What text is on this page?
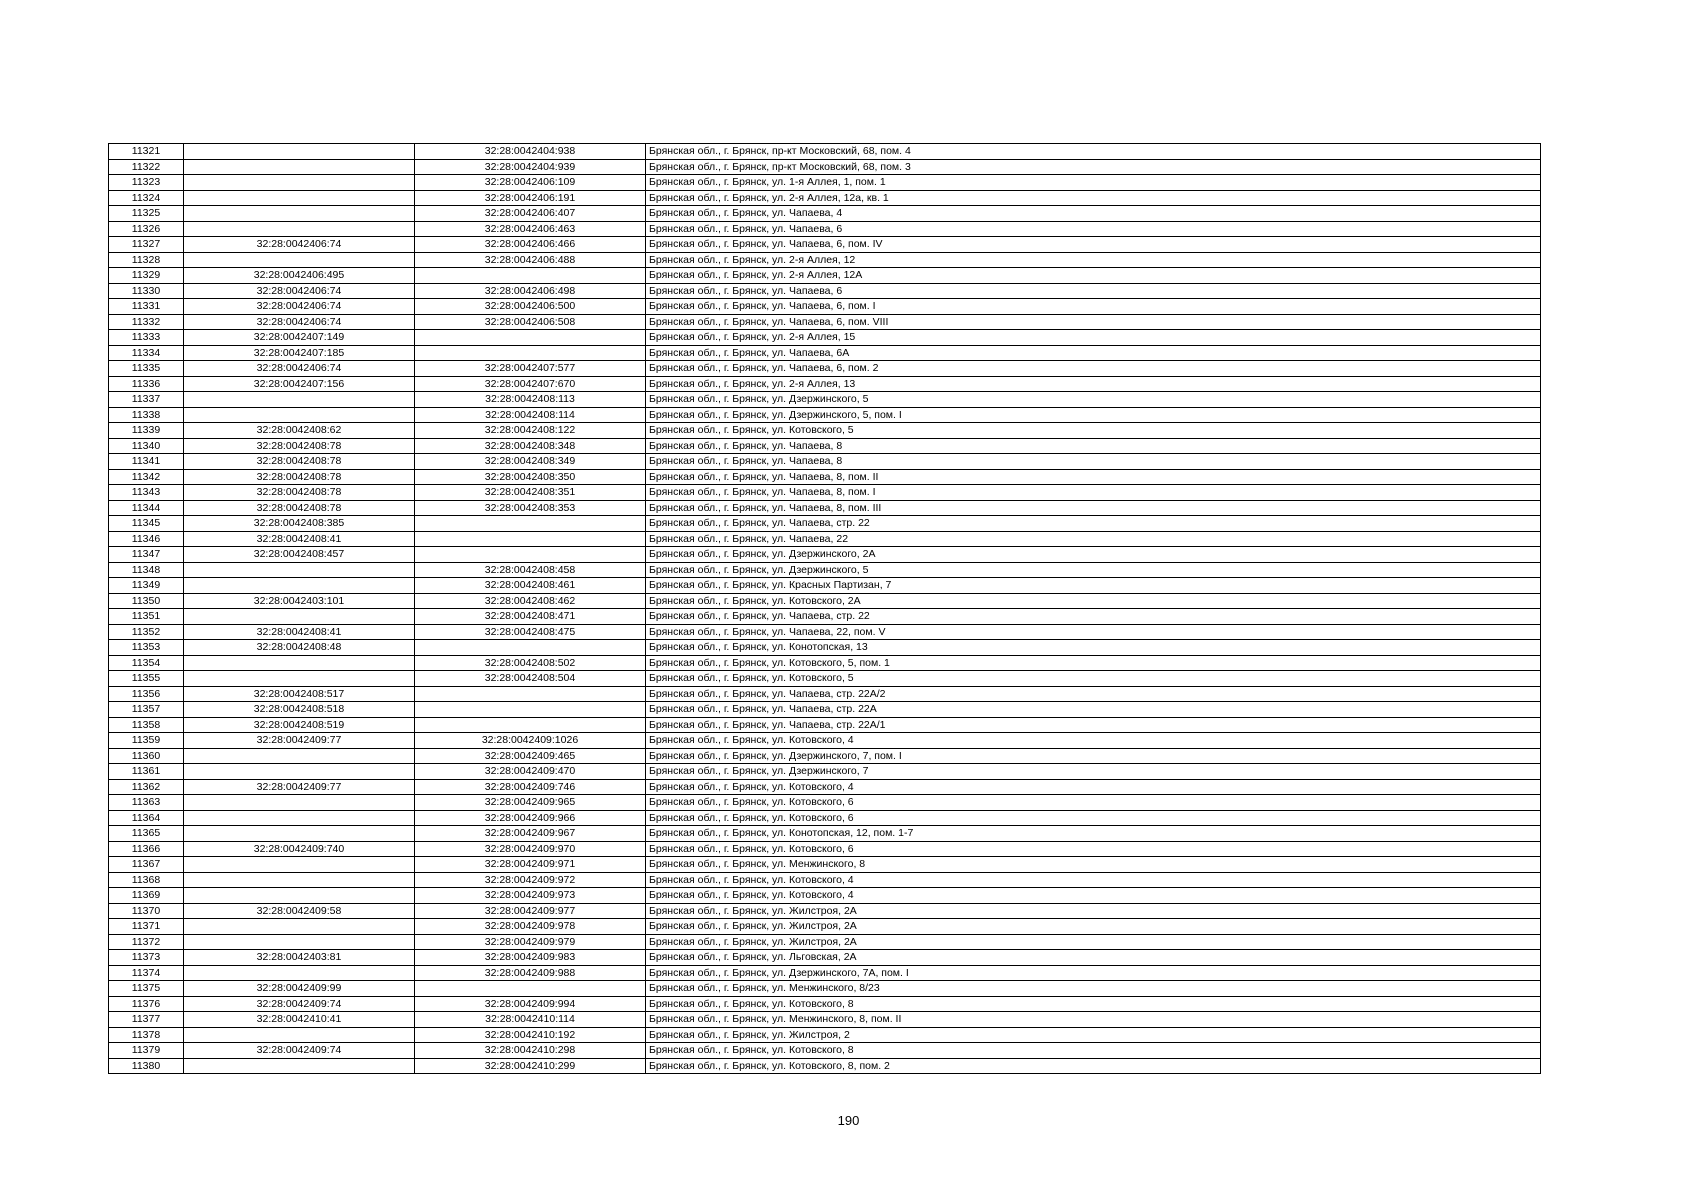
11321		32:28:0042404:938	Брянская обл., г. Брянск, пр-кт Московский, 68, пом. 4
11322		32:28:0042404:939	Брянская обл., г. Брянск, пр-кт Московский, 68, пом. 3
11323		32:28:0042406:109	Брянская обл., г. Брянск, ул. 1-я Аллея, 1, пом. 1
11324		32:28:0042406:191	Брянская обл., г. Брянск, ул. 2-я Аллея, 12а, кв. 1
11325		32:28:0042406:407	Брянская обл., г. Брянск, ул. Чапаева, 4
11326		32:28:0042406:463	Брянская обл., г. Брянск, ул. Чапаева, 6
11327	32:28:0042406:74	32:28:0042406:466	Брянская обл., г. Брянск, ул. Чапаева, 6, пом. IV
11328		32:28:0042406:488	Брянская обл., г. Брянск, ул. 2-я Аллея, 12
11329	32:28:0042406:495		Брянская обл., г. Брянск, ул. 2-я Аллея, 12А
11330	32:28:0042406:74	32:28:0042406:498	Брянская обл., г. Брянск, ул. Чапаева, 6
11331	32:28:0042406:74	32:28:0042406:500	Брянская обл., г. Брянск, ул. Чапаева, 6, пом. I
11332	32:28:0042406:74	32:28:0042406:508	Брянская обл., г. Брянск, ул. Чапаева, 6, пом. VIII
11333	32:28:0042407:149		Брянская обл., г. Брянск, ул. 2-я Аллея, 15
11334	32:28:0042407:185		Брянская обл., г. Брянск, ул. Чапаева, 6А
11335	32:28:0042406:74	32:28:0042407:577	Брянская обл., г. Брянск, ул. Чапаева, 6, пом. 2
11336	32:28:0042407:156	32:28:0042407:670	Брянская обл., г. Брянск, ул. 2-я Аллея, 13
11337		32:28:0042408:113	Брянская обл., г. Брянск, ул. Дзержинского, 5
11338		32:28:0042408:114	Брянская обл., г. Брянск, ул. Дзержинского, 5, пом. I
11339	32:28:0042408:62	32:28:0042408:122	Брянская обл., г. Брянск, ул. Котовского, 5
11340	32:28:0042408:78	32:28:0042408:348	Брянская обл., г. Брянск, ул. Чапаева, 8
11341	32:28:0042408:78	32:28:0042408:349	Брянская обл., г. Брянск, ул. Чапаева, 8
11342	32:28:0042408:78	32:28:0042408:350	Брянская обл., г. Брянск, ул. Чапаева, 8, пом. II
11343	32:28:0042408:78	32:28:0042408:351	Брянская обл., г. Брянск, ул. Чапаева, 8, пом. I
11344	32:28:0042408:78	32:28:0042408:353	Брянская обл., г. Брянск, ул. Чапаева, 8, пом. III
11345	32:28:0042408:385		Брянская обл., г. Брянск, ул. Чапаева, стр. 22
11346	32:28:0042408:41		Брянская обл., г. Брянск, ул. Чапаева, 22
11347	32:28:0042408:457		Брянская обл., г. Брянск, ул. Дзержинского, 2А
11348		32:28:0042408:458	Брянская обл., г. Брянск, ул. Дзержинского, 5
11349		32:28:0042408:461	Брянская обл., г. Брянск, ул. Красных Партизан, 7
11350	32:28:0042403:101	32:28:0042408:462	Брянская обл., г. Брянск, ул. Котовского, 2А
11351		32:28:0042408:471	Брянская обл., г. Брянск, ул. Чапаева, стр. 22
11352	32:28:0042408:41	32:28:0042408:475	Брянская обл., г. Брянск, ул. Чапаева, 22, пом. V
11353	32:28:0042408:48		Брянская обл., г. Брянск, ул. Конотопская, 13
11354		32:28:0042408:502	Брянская обл., г. Брянск, ул. Котовского, 5, пом. 1
11355		32:28:0042408:504	Брянская обл., г. Брянск, ул. Котовского, 5
11356	32:28:0042408:517		Брянская обл., г. Брянск, ул. Чапаева, стр. 22А/2
11357	32:28:0042408:518		Брянская обл., г. Брянск, ул. Чапаева, стр. 22А
11358	32:28:0042408:519		Брянская обл., г. Брянск, ул. Чапаева, стр. 22А/1
11359	32:28:0042409:77	32:28:0042409:1026	Брянская обл., г. Брянск, ул. Котовского, 4
11360		32:28:0042409:465	Брянская обл., г. Брянск, ул. Дзержинского, 7, пом. I
11361		32:28:0042409:470	Брянская обл., г. Брянск, ул. Дзержинского, 7
11362	32:28:0042409:77	32:28:0042409:746	Брянская обл., г. Брянск, ул. Котовского, 4
11363		32:28:0042409:965	Брянская обл., г. Брянск, ул. Котовского, 6
11364		32:28:0042409:966	Брянская обл., г. Брянск, ул. Котовского, 6
11365		32:28:0042409:967	Брянская обл., г. Брянск, ул. Конотопская, 12, пом. 1-7
11366	32:28:0042409:740	32:28:0042409:970	Брянская обл., г. Брянск, ул. Котовского, 6
11367		32:28:0042409:971	Брянская обл., г. Брянск, ул. Менжинского, 8
11368		32:28:0042409:972	Брянская обл., г. Брянск, ул. Котовского, 4
11369		32:28:0042409:973	Брянская обл., г. Брянск, ул. Котовского, 4
11370	32:28:0042409:58	32:28:0042409:977	Брянская обл., г. Брянск, ул. Жилстроя, 2А
11371		32:28:0042409:978	Брянская обл., г. Брянск, ул. Жилстроя, 2А
11372		32:28:0042409:979	Брянская обл., г. Брянск, ул. Жилстроя, 2А
11373	32:28:0042403:81	32:28:0042409:983	Брянская обл., г. Брянск, ул. Льговская, 2А
11374		32:28:0042409:988	Брянская обл., г. Брянск, ул. Дзержинского, 7А, пом. I
11375	32:28:0042409:99		Брянская обл., г. Брянск, ул. Менжинского, 8/23
11376	32:28:0042409:74	32:28:0042409:994	Брянская обл., г. Брянск, ул. Котовского, 8
11377	32:28:0042410:41	32:28:0042410:114	Брянская обл., г. Брянск, ул. Менжинского, 8, пом. II
11378		32:28:0042410:192	Брянская обл., г. Брянск, ул. Жилстроя, 2
11379	32:28:0042409:74	32:28:0042410:298	Брянская обл., г. Брянск, ул. Котовского, 8
11380		32:28:0042410:299	Брянская обл., г. Брянск, ул. Котовского, 8, пом. 2
190
